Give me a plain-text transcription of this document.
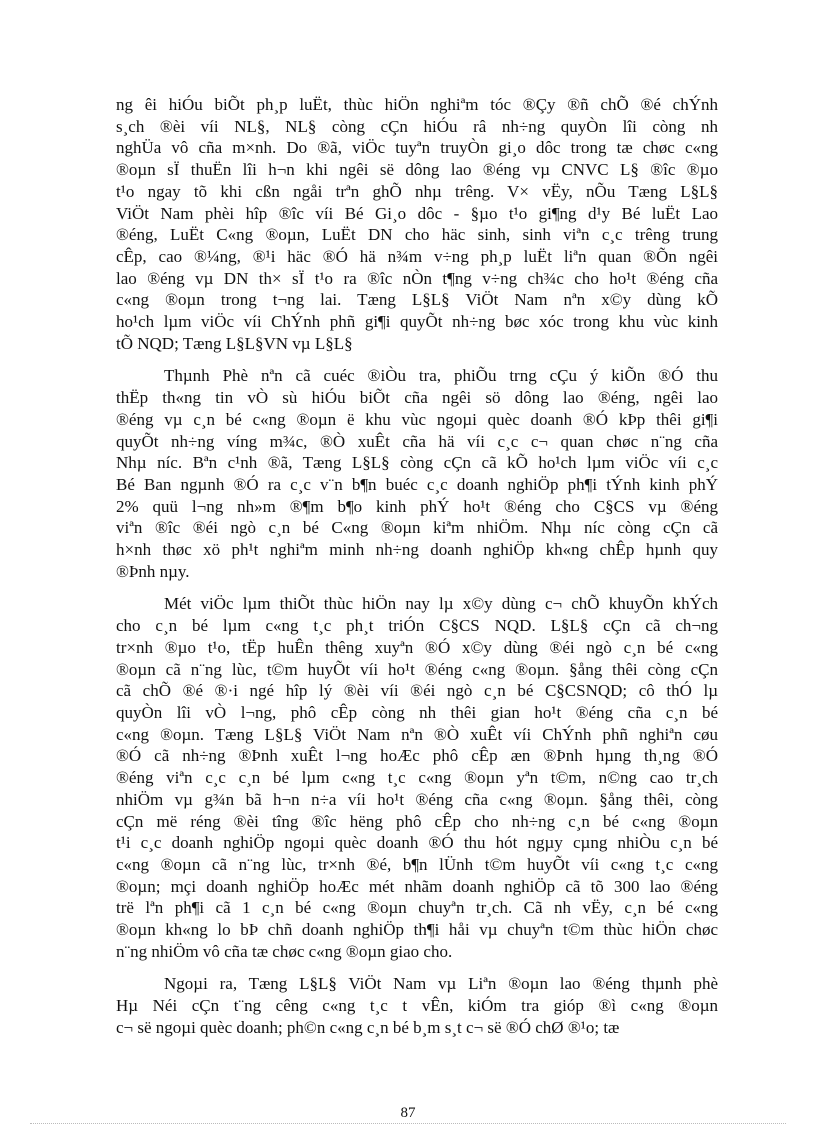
ng êi hiÓu biÕt ph¸p luËt, thùc hiÖn nghiªm tóc ®Çy ®ñ chÕ ®é chÝnh
s¸ch ®èi víi NL§, NL§ còng cÇn hiÓu râ nh÷ng quyÒn lîi còng nh
nghÜa vô cña m×nh. Do ®ã, viÖc tuyªn truyÒn gi¸o dôc trong tæ chøc c«ng
®oµn sÏ thuËn lîi h¬n khi ngêi së dông lao ®éng vµ CNVC L§ ®îc ®µo
t¹o ngay tõ khi cßn ngåi trªn ghÕ nhµ trêng. V× vËy, nÕu Tæng L§L§
ViÖt Nam phèi hîp ®îc víi Bé Gi¸o dôc - §µo t¹o gi¶ng d¹y Bé luËt Lao
®éng, LuËt C«ng ®oµn, LuËt DN cho häc sinh, sinh viªn c¸c trêng trung
cÊp, cao ®¼ng, ®¹i häc ®Ó hä n¾m v÷ng ph¸p luËt liªn quan ®Õn ngêi
lao ®éng vµ DN th× sÏ t¹o ra ®îc nÒn t¶ng v÷ng ch¾c cho ho¹t ®éng cña
c«ng ®oµn trong t¬ng lai. Tæng L§L§ ViÖt Nam nªn x©y dùng kÕ
ho¹ch lµm viÖc víi ChÝnh phñ gi¶i quyÕt nh÷ng bøc xóc trong khu vùc kinh
tÕ NQD; Tæng L§L§VN vµ L§L§

Thµnh Phè nªn cã cuéc ®iÒu tra, phiÕu trng cÇu ý kiÕn ®Ó thu
thËp th«ng tin vÒ sù hiÓu biÕt cña ngêi sö dông lao ®éng, ngêi lao
®éng vµ c¸n bé c«ng ®oµn ë khu vùc ngoµi quèc doanh ®Ó kÞp thêi gi¶i
quyÕt nh÷ng víng m¾c, ®Ò xuÊt cña hä víi c¸c c¬ quan chøc n¨ng cña
Nhµ níc. Bªn c¹nh ®ã, Tæng L§L§ còng cÇn cã kÕ ho¹ch lµm viÖc víi c¸c
Bé Ban ngµnh ®Ó ra c¸c v¨n b¶n buéc c¸c doanh nghiÖp ph¶i tÝnh kinh phÝ
2% quü l¬ng nh»m ®¶m b¶o kinh phÝ ho¹t ®éng cho C§CS vµ ®éng
viªn ®îc ®éi ngò c¸n bé C«ng ®oµn kiªm nhiÖm. Nhµ níc còng cÇn cã
h×nh thøc xö ph¹t nghiªm minh nh÷ng doanh nghiÖp kh«ng chÊp hµnh quy
®Þnh nµy.

Mét viÖc lµm thiÕt thùc hiÖn nay lµ x©y dùng c¬ chÕ khuyÕn khÝch
cho c¸n bé lµm c«ng t¸c ph¸t triÓn C§CS NQD. L§L§ cÇn cã ch¬ng
tr×nh ®µo t¹o, tËp huÊn thêng xuyªn ®Ó x©y dùng ®éi ngò c¸n bé c«ng
®oµn cã n¨ng lùc, t©m huyÕt víi ho¹t ®éng c«ng ®oµn. §ång thêi còng cÇn
cã chÕ ®é ®·i ngé hîp lý ®èi víi ®éi ngò c¸n bé C§CSNQD; cô thÓ lµ
quyÒn lîi vÒ l¬ng, phô cÊp còng nh thêi gian ho¹t ®éng cña c¸n bé
c«ng ®oµn. Tæng L§L§ ViÖt Nam nªn ®Ò xuÊt víi ChÝnh phñ nghiªn cøu
®Ó cã nh÷ng ®Þnh xuÊt l¬ng hoÆc phô cÊp æn ®Þnh hµng th¸ng ®Ó
®éng viªn c¸c c¸n bé lµm c«ng t¸c c«ng ®oµn yªn t©m, n©ng cao tr¸ch
nhiÖm vµ g¾n bã h¬n n÷a víi ho¹t ®éng cña c«ng ®oµn. §ång thêi, còng
cÇn më réng ®èi tîng ®îc hëng phô cÊp cho nh÷ng c¸n bé c«ng ®oµn
t¹i c¸c doanh nghiÖp ngoµi quèc doanh ®Ó thu hót ngµy cµng nhiÒu c¸n bé
c«ng ®oµn cã n¨ng lùc, tr×nh ®é, b¶n lÜnh t©m huyÕt víi c«ng t¸c c«ng
®oµn; mçi doanh nghiÖp hoÆc mét nhãm doanh nghiÖp cã tõ 300 lao ®éng
trë lªn ph¶i cã 1 c¸n bé c«ng ®oµn chuyªn tr¸ch. Cã nh vËy, c¸n bé c«ng
®oµn kh«ng lo bÞ chñ doanh nghiÖp th¶i håi vµ chuyªn t©m thùc hiÖn chøc
n¨ng nhiÖm vô cña tæ chøc c«ng ®oµn giao cho.

Ngoµi ra, Tæng L§L§ ViÖt Nam vµ Liªn ®oµn lao ®éng thµnh phè
Hµ Néi cÇn t¨ng cêng c«ng t¸c t vÊn, kiÓm tra gióp ®ì c«ng ®oµn
c¬ së ngoµi quèc doanh; ph©n c«ng c¸n bé b¸m s¸t c¬ së ®Ó chØ ®¹o; tæ

87
